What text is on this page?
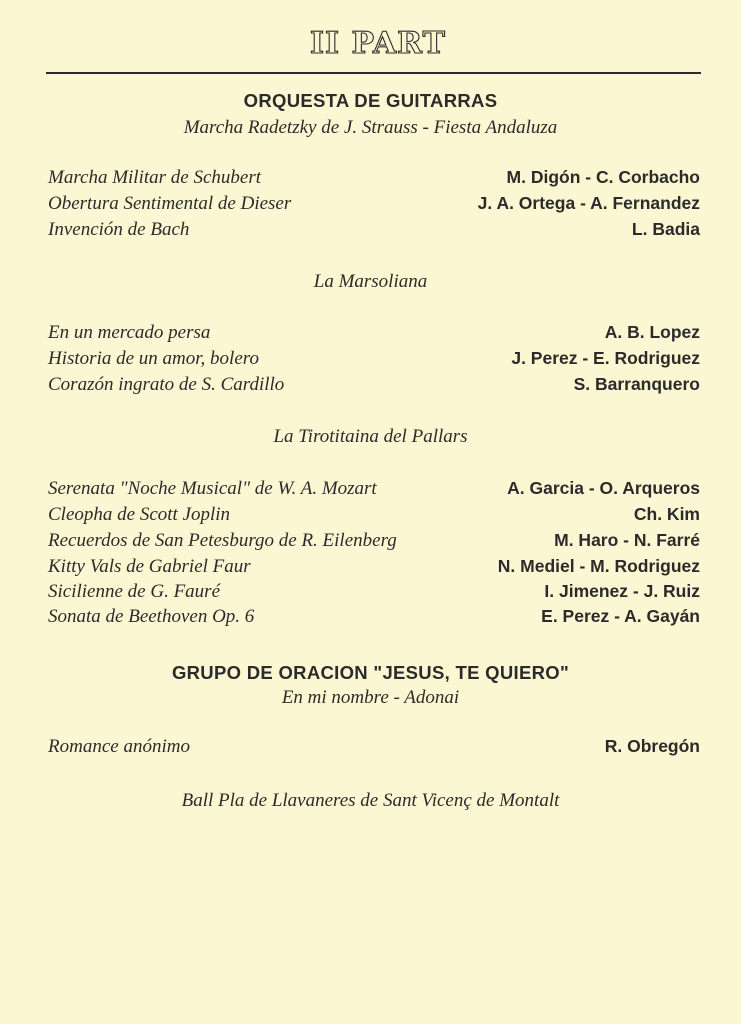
II PART
ORQUESTA DE GUITARRAS
Marcha Radetzky de J. Strauss - Fiesta Andaluza
Marcha Militar de Schubert	M. Digón - C. Corbacho
Obertura Sentimental de Dieser	J. A. Ortega - A. Fernandez
Invención de Bach	L. Badia
La Marsoliana
En un mercado persa	A. B. Lopez
Historia de un amor, bolero	J. Perez - E. Rodriguez
Corazón ingrato de S. Cardillo	S. Barranquero
La Tirotitaina del Pallars
Serenata "Noche Musical" de W. A. Mozart	A. Garcia - O. Arqueros
Cleopha de Scott Joplin	Ch. Kim
Recuerdos de San Petesburgo de R. Eilenberg	M. Haro - N. Farré
Kitty Vals de Gabriel Faur	N. Mediel - M. Rodriguez
Sicilienne de G. Fauré	I. Jimenez - J. Ruiz
Sonata de Beethoven Op. 6	E. Perez - A. Gayán
GRUPO DE ORACION "JESUS, TE QUIERO"
En mi nombre - Adonai
Romance anónimo	R. Obregón
Ball Pla de Llavaneres de Sant Vicenç de Montalt
